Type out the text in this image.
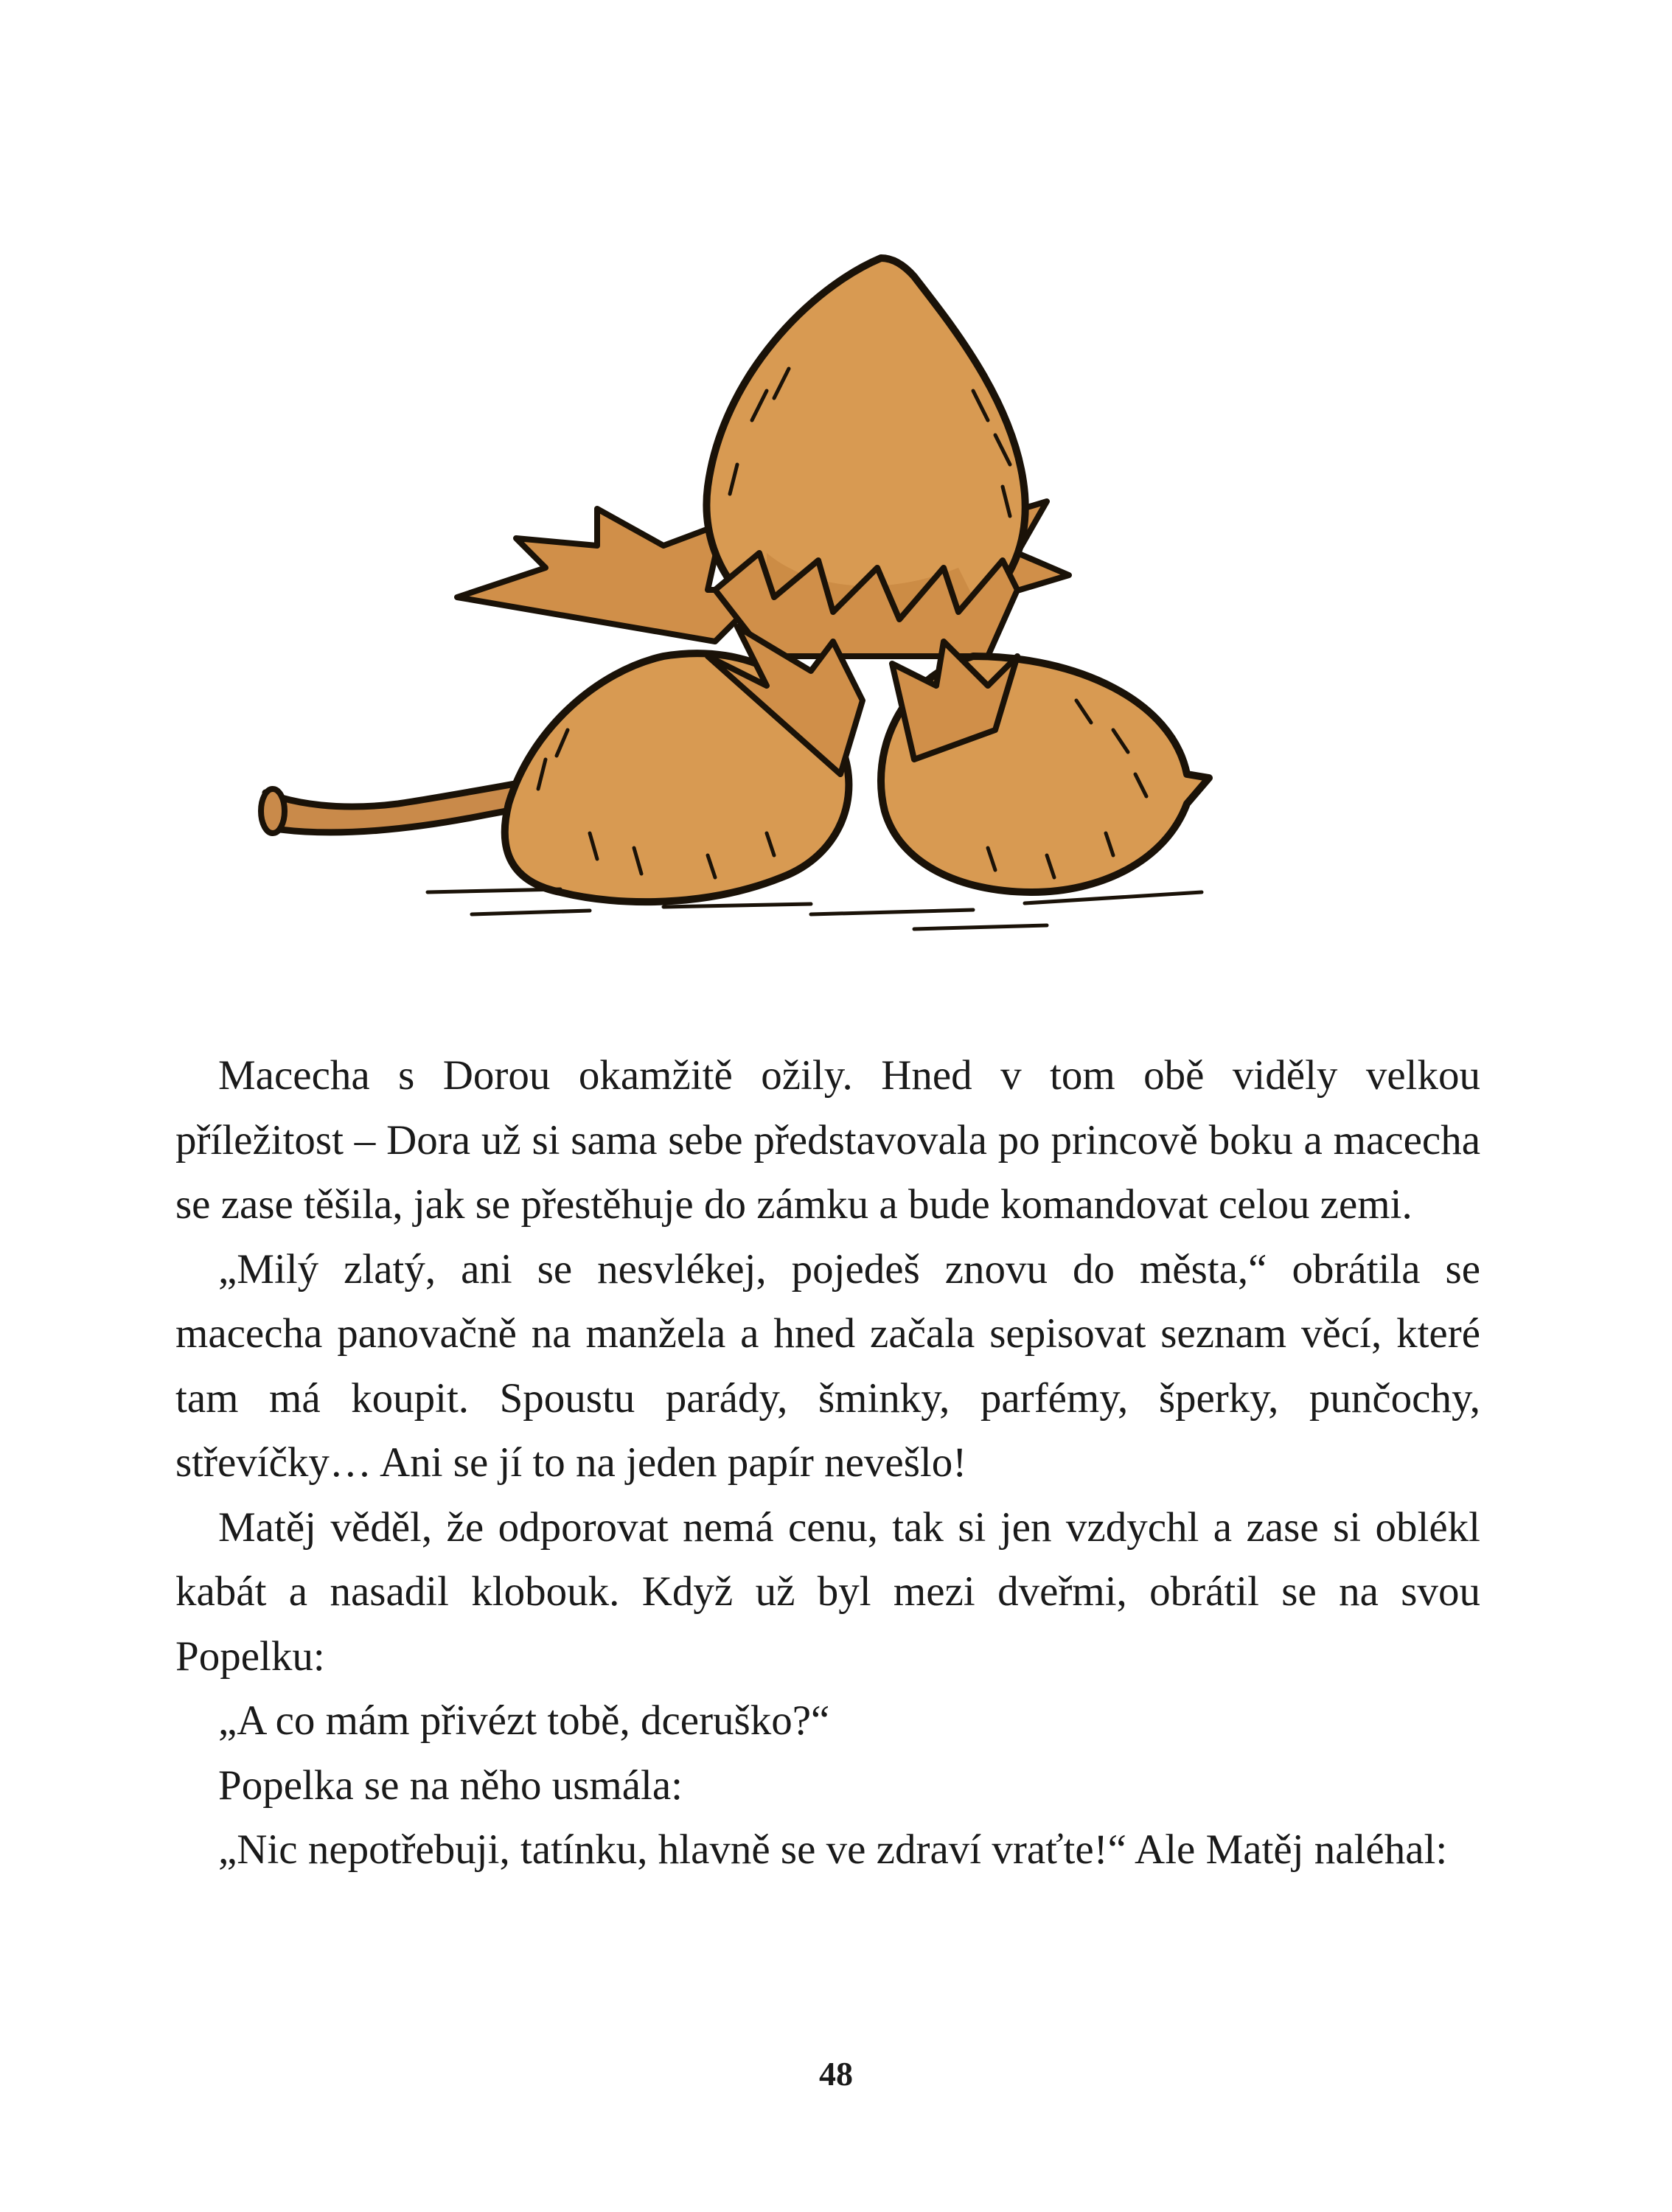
Macecha s Dorou okamžitě ožily. Hned v tom obě viděly velkou příležitost – Dora už si sama sebe představovala po princově boku a macecha se zase těšila, jak se přestěhuje do zámku a bude komandovat celou zemi.

„Milý zlatý, ani se nesvlékej, pojedeš znovu do města,“ obrátila se macecha panovačně na manžela a hned začala sepisovat seznam věcí, které tam má koupit. Spoustu parády, šminky, parfémy, šperky, punčochy, střevíčky… Ani se jí to na jeden papír nevešlo!

Matěj věděl, že odporovat nemá cenu, tak si jen vzdychl a zase si oblékl kabát a nasadil klobouk. Když už byl mezi dveřmi, obrátil se na svou Popelku:

„A co mám přivézt tobě, dceruško?“

Popelka se na něho usmála:

„Nic nepotřebuji, tatínku, hlavně se ve zdraví vraťte!“ Ale Matěj naléhal:

48
